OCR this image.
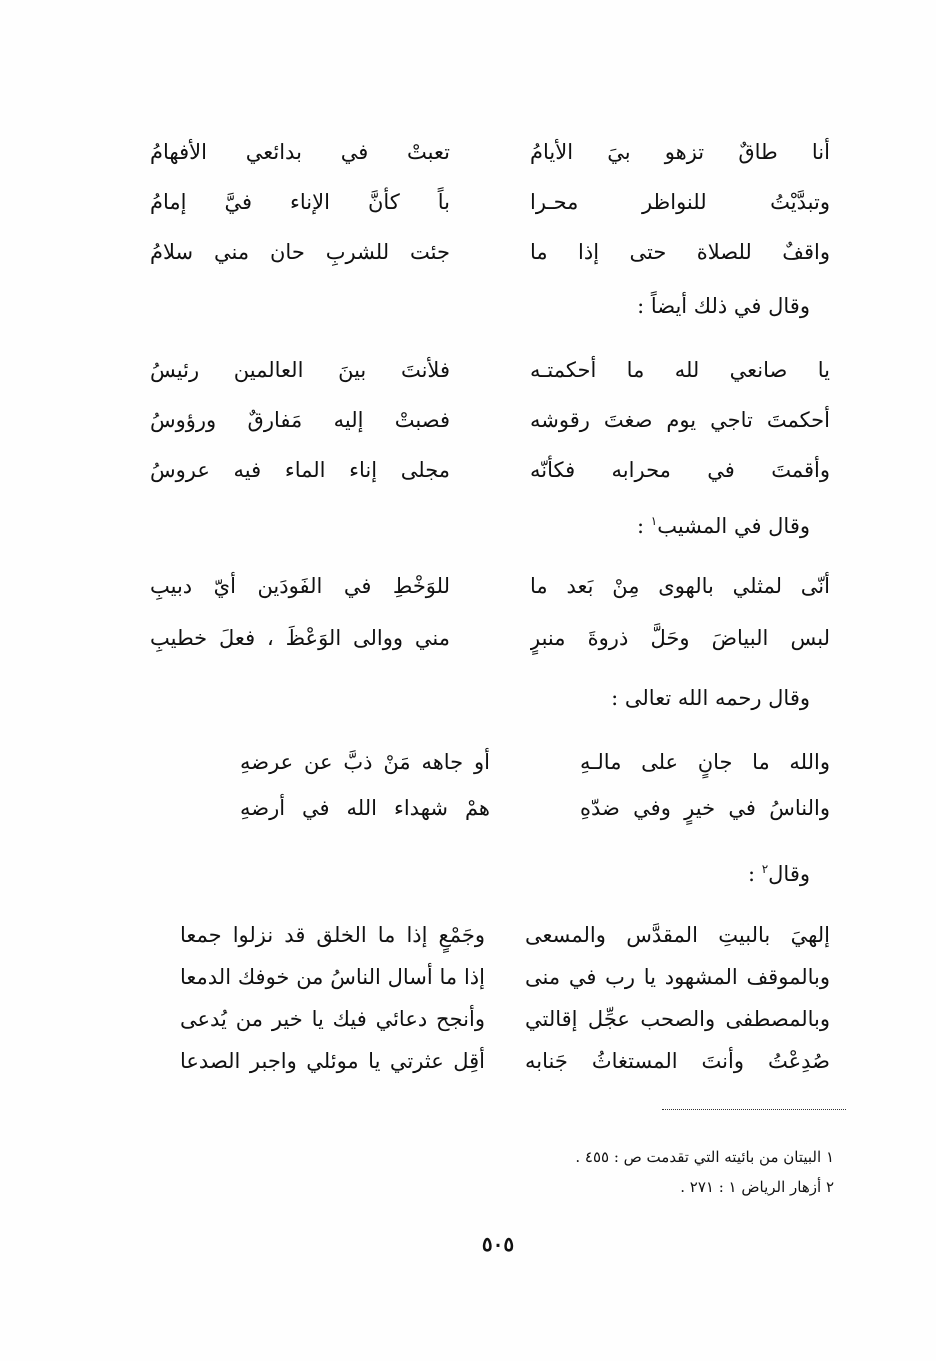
أنا طاقٌ تزهو بيَ الأيامُ
تعبتْ في بدائعي الأفهامُ
وتبدَّيْتُ للنواظر محـرا
باً كأنَّ الإناء فيَّ إمامُ
واقفٌ للصلاة حتى إذا ما
جئت للشربِ حان مني سلامُ
وقال في ذلك أيضاً :
يا صانعي لله ما أحكمتـه
فلأنتَ بينَ العالمين رئيسُ
أحكمتَ تاجي يوم صغتَ رقوشه
فصبتْ إليه مَفارقٌ ورؤوسُ
وأقمتَ في محرابه فكأنّه
مجلى إناء الماء فيه عروسُ
وقال في المشيب$^١$ :
أنّى لمثلي بالهوى مِنْ بَعد ما
للوَخْطِ في الفَودَين أيّ دبيبِ
لبس البياضَ وحَلَّ ذروةَ منبرٍ
مني ووالى الوَعْظَ ، فعلَ خطيبِ
وقال رحمه الله تعالى :
والله ما جانٍ على مالـهِ
أو جاهه مَنْ ذبَّ عن عرضهِ
والناسُ في خيرٍ وفي ضدّهِ
همْ شهداء الله في أرضهِ
وقال$^٢$ :
إلهيَ بالبيتِ المقدَّس والمسعى
وجَمْعٍ إذا ما الخلق قد نزلوا جمعا
وبالموقف المشهود يا رب في منى
إذا ما أسال الناسُ من خوفك الدمعا
وبالمصطفى والصحب عجِّل إقالتي
وأنجح دعائي فيك يا خير من يُدعى
صُدِعْتُ وأنتَ المستغاثُ جَنابه
أقِل عثرتي يا موئلي واجبر الصدعا
١ البيتان من بائيته التي تقدمت ص : ٤٥٥ .
٢ أزهار الرياض ١ : ٢٧١ .
٥٠٥
